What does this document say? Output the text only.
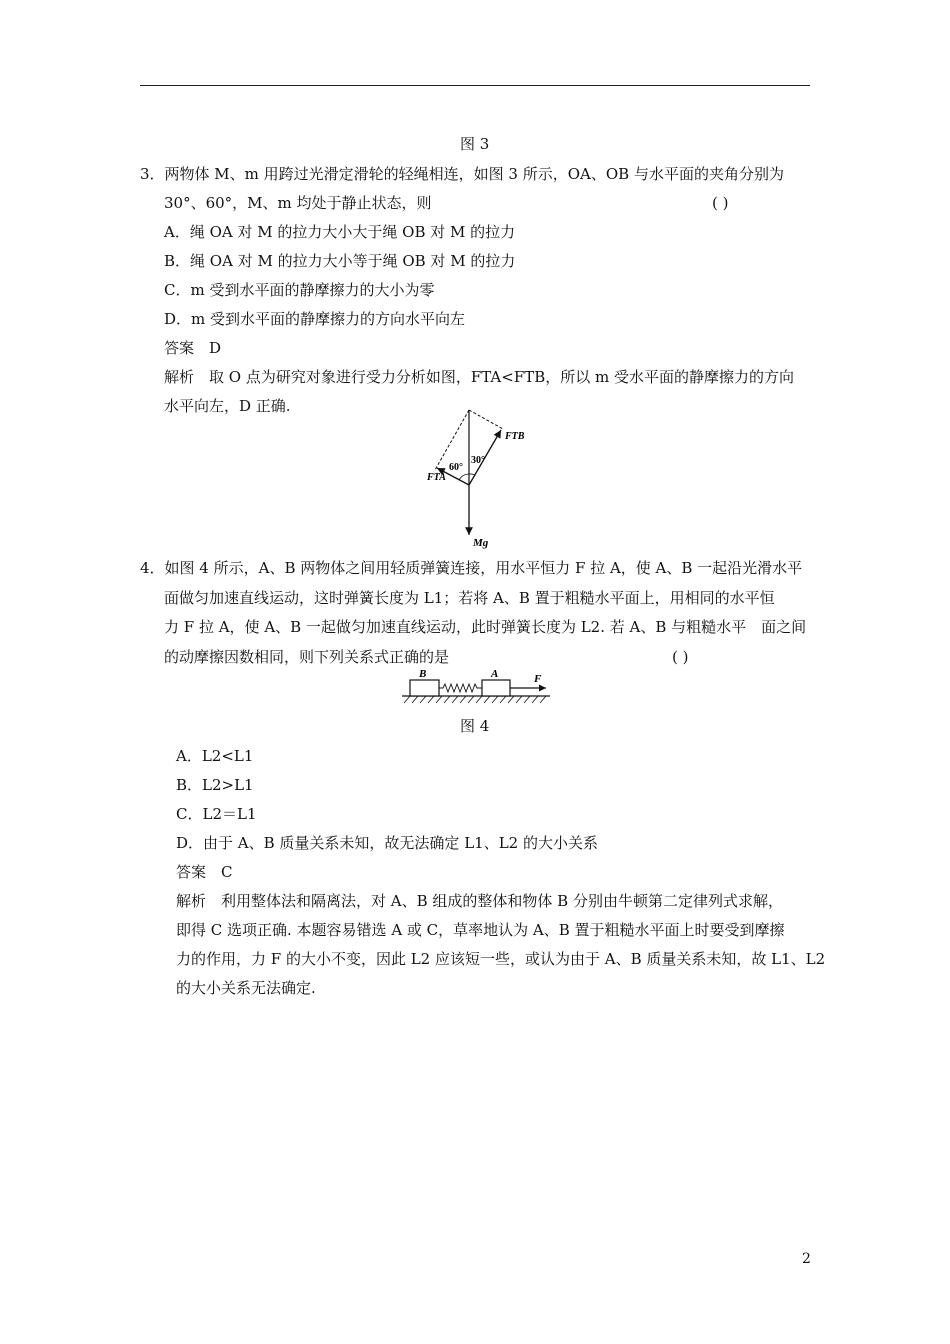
图 3
3．两物体 M、m 用跨过光滑定滑轮的轻绳相连，如图 3 所示，OA、OB 与水平面的夹角分别为
30°、60°，M、m 均处于静止状态，则	( )
A．绳 OA 对 M 的拉力大小大于绳 OB 对 M 的拉力
B．绳 OA 对 M 的拉力大小等于绳 OB 对 M 的拉力
C．m 受到水平面的静摩擦力的大小为零
D．m 受到水平面的静摩擦力的方向水平向左
答案　D
解析　取 O 点为研究对象进行受力分析如图，FTA<FTB，所以 m 受水平面的静摩擦力的方向
水平向左，D 正确.
60°
30°
FTA
FTB
Mg
4．如图 4 所示，A、B 两物体之间用轻质弹簧连接，用水平恒力 F 拉 A，使 A、B 一起沿光滑水平
面做匀加速直线运动，这时弹簧长度为 L1；若将 A、B 置于粗糙水平面上，用相同的水平恒
力 F 拉 A，使 A、B 一起做匀加速直线运动，此时弹簧长度为 L2. 若 A、B 与粗糙水平　面之间
的动摩擦因数相同，则下列关系式正确的是	( )
B	A	F
图 4
A．L2<L1
B．L2>L1
C．L2＝L1
D．由于 A、B 质量关系未知，故无法确定 L1、L2 的大小关系
答案　C
解析　利用整体法和隔离法，对 A、B 组成的整体和物体 B 分别由牛顿第二定律列式求解，
即得 C 选项正确. 本题容易错选 A 或 C，草率地认为 A、B 置于粗糙水平面上时要受到摩擦
力的作用，力 F 的大小不变，因此 L2 应该短一些，或认为由于 A、B 质量关系未知，故 L1、L2
的大小关系无法确定.
2
